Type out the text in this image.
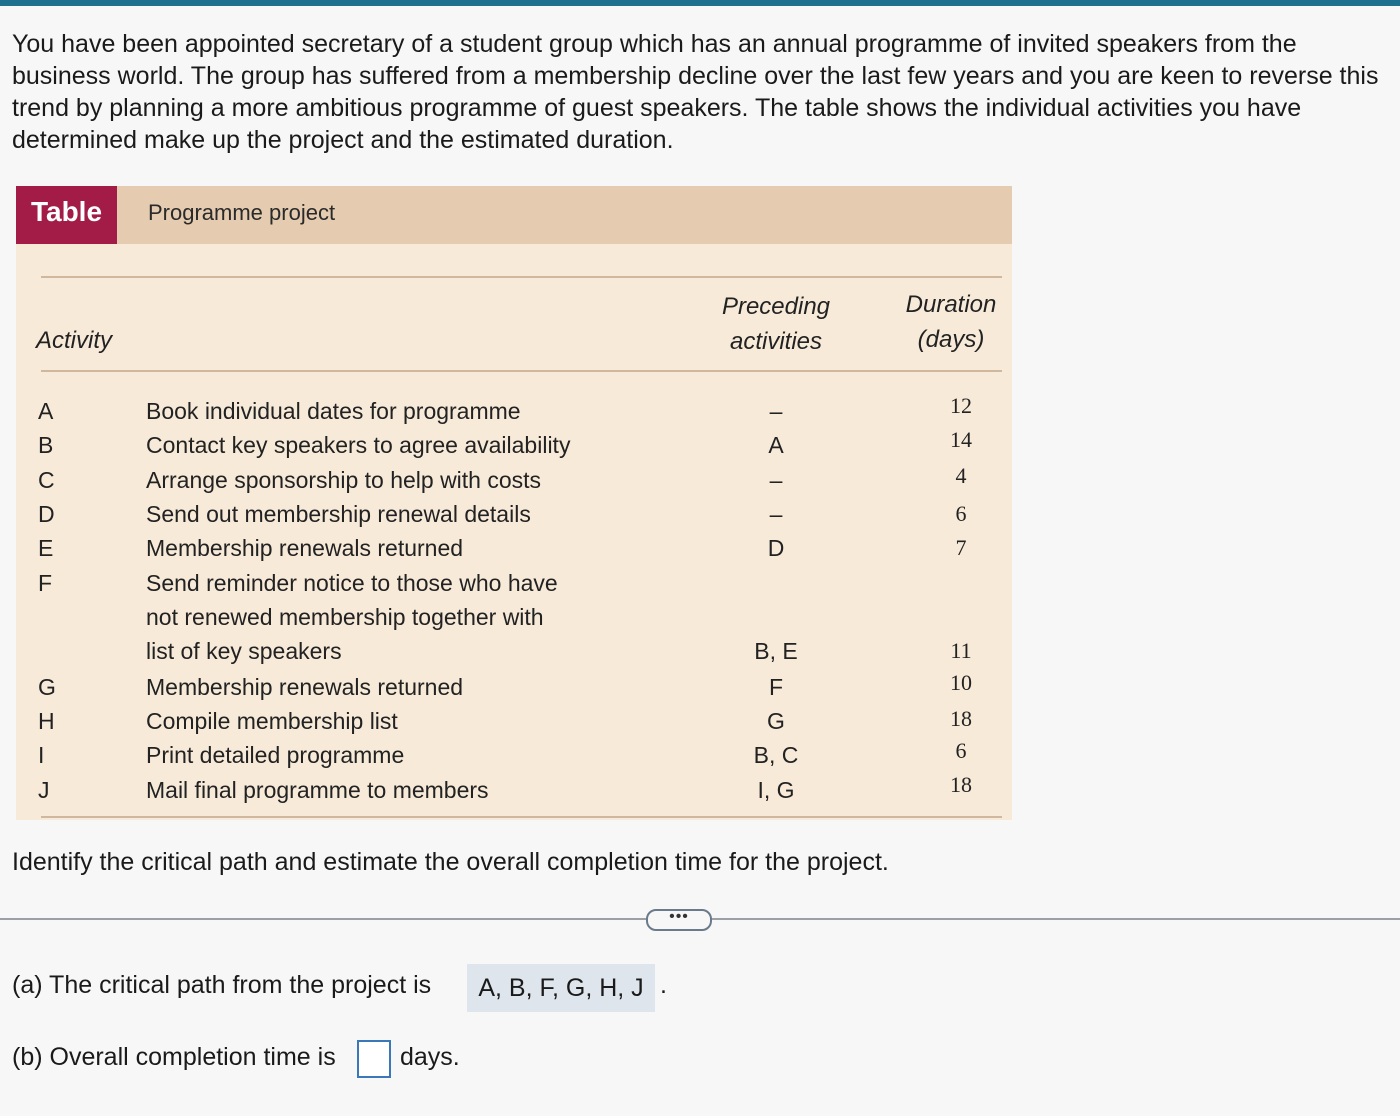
You have been appointed secretary of a student group which has an annual programme of invited speakers from the business world. The group has suffered from a membership decline over the last few years and you are keen to reverse this trend by planning a more ambitious programme of guest speakers. The table shows the individual activities you have determined make up the project and the estimated duration.

Table	Programme project
Activity
Preceding
activities
Duration
(days)
A	Book individual dates for programme	–	12
B	Contact key speakers to agree availability	A	14
C	Arrange sponsorship to help with costs	–	4
D	Send out membership renewal details	–	6
E	Membership renewals returned	D	7
F	Send reminder notice to those who have
not renewed membership together with
list of key speakers	B, E	11
G	Membership renewals returned	F	10
H	Compile membership list	G	18
I	Print detailed programme	B, C	6
J	Mail final programme to members	I, G	18
Identify the critical path and estimate the overall completion time for the project.
•••
(a) The critical path from the project is	A, B, F, G, H, J .
(b) Overall completion time is	days.
